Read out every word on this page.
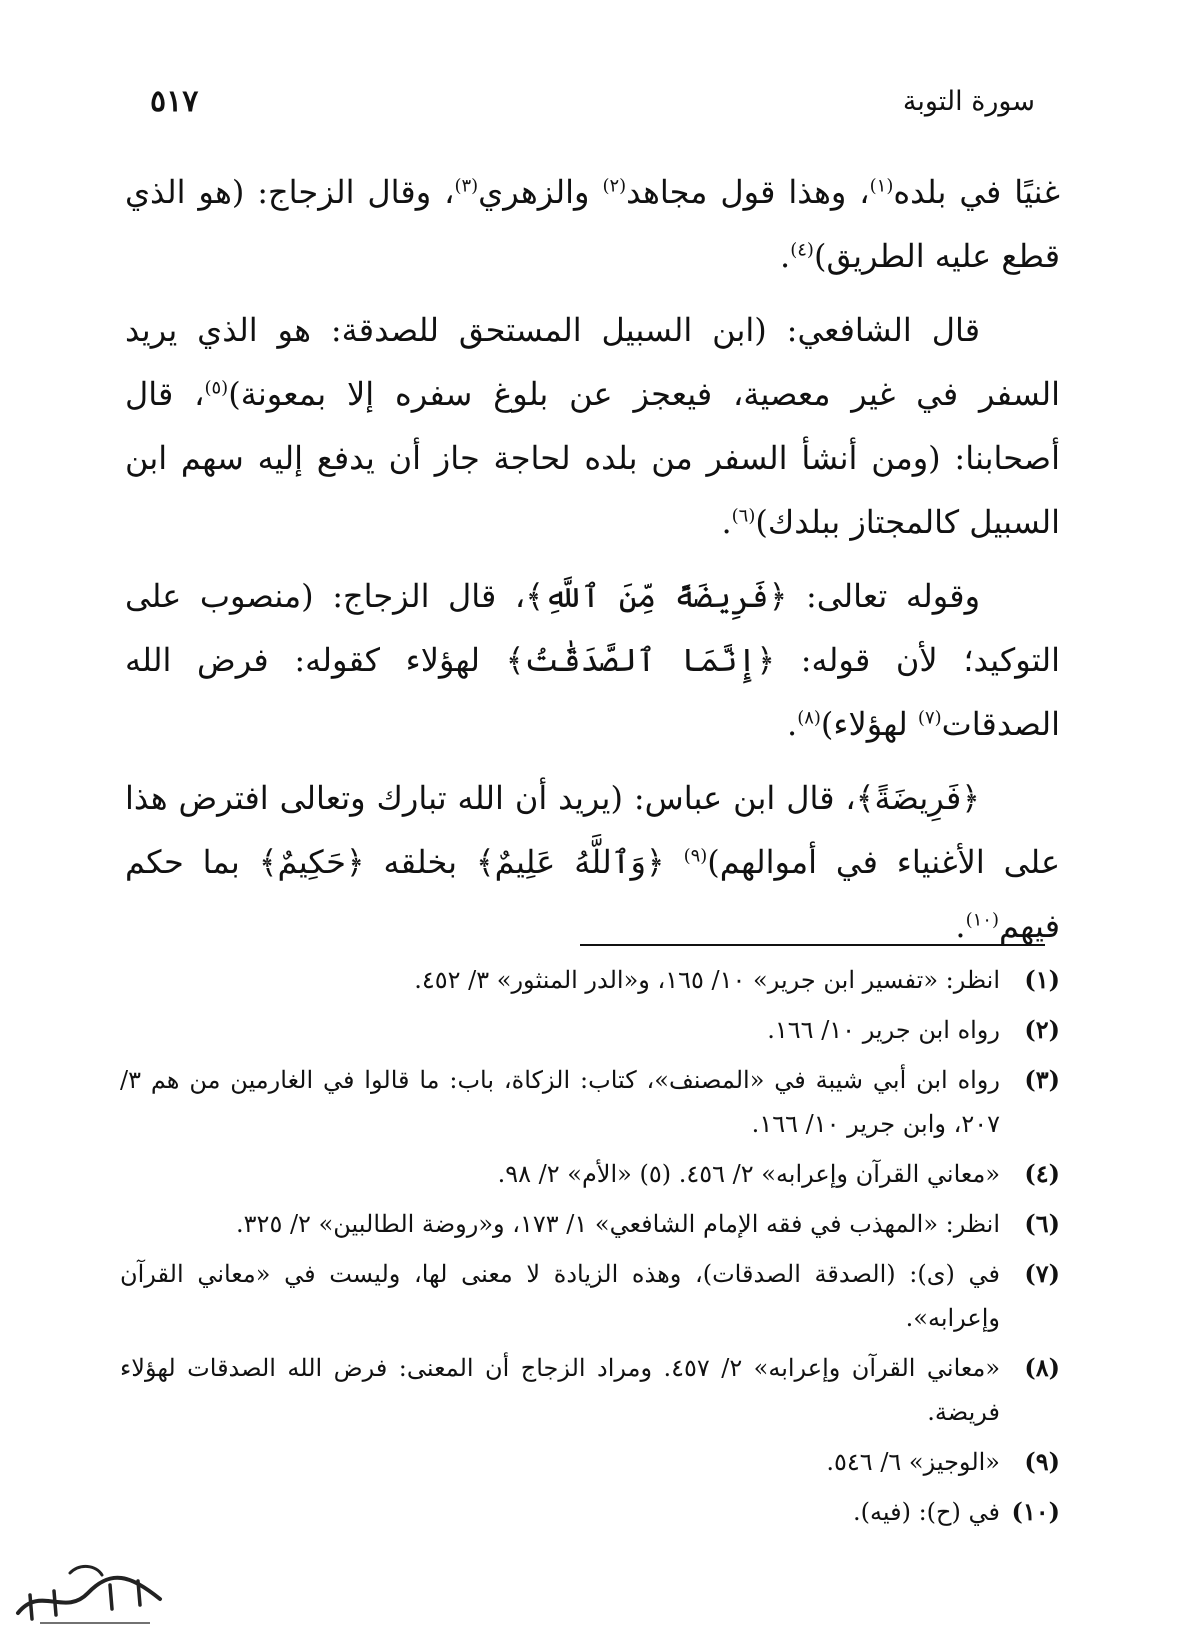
٥١٧	سورة التوبة

غنيًا في بلده$^{(١)}$، وهذا قول مجاهد$^{(٢)}$ والزهري$^{(٣)}$، وقال الزجاج: (هو الذي قطع عليه الطريق)$^{(٤)}$.

قال الشافعي: (ابن السبيل المستحق للصدقة: هو الذي يريد السفر في غير معصية، فيعجز عن بلوغ سفره إلا بمعونة)$^{(٥)}$، قال أصحابنا: (ومن أنشأ السفر من بلده لحاجة جاز أن يدفع إليه سهم ابن السبيل كالمجتاز ببلدك)$^{(٦)}$.

وقوله تعالى: ﴿فَرِيضَةً مِّنَ ٱللَّهِ﴾، قال الزجاج: (منصوب على التوكيد؛ لأن قوله: ﴿إِنَّمَا ٱلصَّدَقَٰتُ﴾ لهؤلاء كقوله: فرض الله الصدقات$^{(٧)}$ لهؤلاء)$^{(٨)}$.

﴿فَرِيضَةً﴾، قال ابن عباس: (يريد أن الله تبارك وتعالى افترض هذا على الأغنياء في أموالهم)$^{(٩)}$ ﴿وَٱللَّهُ عَلِيمٌ﴾ بخلقه ﴿حَكِيمٌ﴾ بما حكم فيهم$^{(١٠)}$.

(١)
انظر: «تفسير ابن جرير» ١٠/ ١٦٥، و«الدر المنثور» ٣/ ٤٥٢.
(٢)
رواه ابن جرير ١٠/ ١٦٦.
(٣)
رواه ابن أبي شيبة في «المصنف»، كتاب: الزكاة، باب: ما قالوا في الغارمين من هم ٣/ ٢٠٧، وابن جرير ١٠/ ١٦٦.
(٤)
«معاني القرآن وإعرابه» ٢/ ٤٥٦. (٥) «الأم» ٢/ ٩٨.
(٦)
انظر: «المهذب في فقه الإمام الشافعي» ١/ ١٧٣، و«روضة الطالبين» ٢/ ٣٢٥.
(٧)
في (ى): (الصدقة الصدقات)، وهذه الزيادة لا معنى لها، وليست في «معاني القرآن وإعرابه».
(٨)
«معاني القرآن وإعرابه» ٢/ ٤٥٧. ومراد الزجاج أن المعنى: فرض الله الصدقات لهؤلاء فريضة.
(٩)
«الوجيز» ٦/ ٥٤٦.
(١٠)
في (ح): (فيه).
